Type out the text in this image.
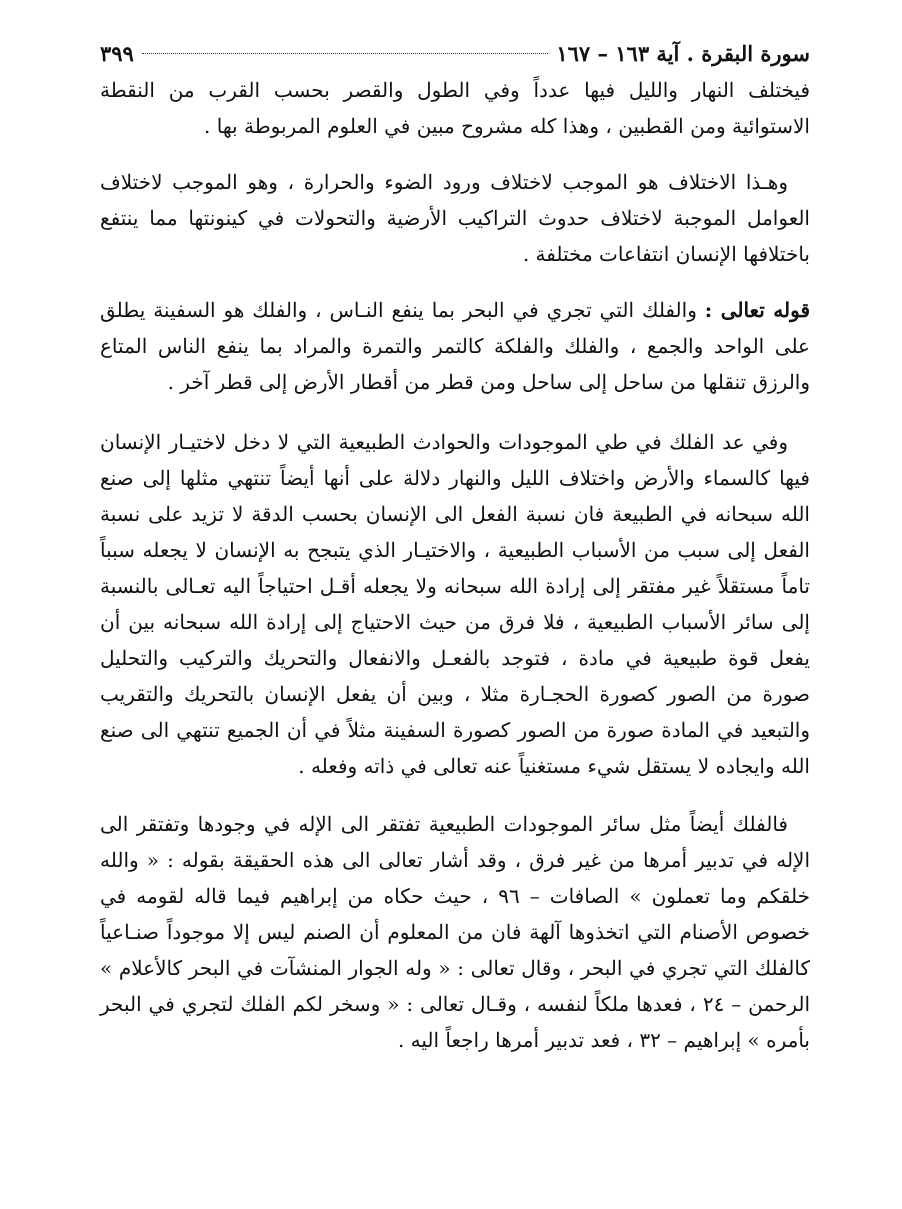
سورة البقرة . آية ١٦٣ – ١٦٧
٣٩٩

فيختلف النهار والليل فيها عدداً وفي الطول والقصر بحسب القرب من النقطة الاستوائية ومن القطبين ، وهذا كله مشروح مبين في العلوم المربوطة بها .

وهـذا الاختلاف هو الموجب لاختلاف ورود الضوء والحرارة ، وهو الموجب لاختلاف العوامل الموجبة لاختلاف حدوث التراكيب الأرضية والتحولات في كينونتها مما ينتفع باختلافها الإنسان انتفاعات مختلفة .

قوله تعالى : والفلك التي تجري في البحر بما ينفع النـاس ، والفلك هو السفينة يطلق على الواحد والجمع ، والفلك والفلكة كالتمر والتمرة والمراد بما ينفع الناس المتاع والرزق تنقلها من ساحل إلى ساحل ومن قطر من أقطار الأرض إلى قطر آخر .

وفي عد الفلك في طي الموجودات والحوادث الطبيعية التي لا دخل لاختيـار الإنسان فيها كالسماء والأرض واختلاف الليل والنهار دلالة على أنها أيضاً تنتهي مثلها إلى صنع الله سبحانه في الطبيعة فان نسبة الفعل الى الإنسان بحسب الدقة لا تزيد على نسبة الفعل إلى سبب من الأسباب الطبيعية ، والاختيـار الذي يتبجح به الإنسان لا يجعله سبباً تاماً مستقلاً غير مفتقر إلى إرادة الله سبحانه ولا يجعله أقـل احتياجاً اليه تعـالى بالنسبة إلى سائر الأسباب الطبيعية ، فلا فرق من حيث الاحتياج إلى إرادة الله سبحانه بين أن يفعل قوة طبيعية في مادة ، فتوجد بالفعـل والانفعال والتحريك والتركيب والتحليل صورة من الصور كصورة الحجـارة مثلا ، وبين أن يفعل الإنسان بالتحريك والتقريب والتبعيد في المادة صورة من الصور كصورة السفينة مثلاً في أن الجميع تنتهي الى صنع الله وايجاده لا يستقل شيء مستغنياً عنه تعالى في ذاته وفعله .

فالفلك أيضاً مثل سائر الموجودات الطبيعية تفتقر الى الإله في وجودها وتفتقر الى الإله في تدبير أمرها من غير فرق ، وقد أشار تعالى الى هذه الحقيقة بقوله : « والله خلقكم وما تعملون » الصافات – ٩٦ ، حيث حكاه من إبراهيم فيما قاله لقومه في خصوص الأصنام التي اتخذوها آلهة فان من المعلوم أن الصنم ليس إلا موجوداً صنـاعياً كالفلك التي تجري في البحر ، وقال تعالى : « وله الجوار المنشآت في البحر كالأعلام » الرحمن – ٢٤ ، فعدها ملكاً لنفسه ، وقـال تعالى : « وسخر لكم الفلك لتجري في البحر بأمره » إبراهيم – ٣٢ ، فعد تدبير أمرها راجعاً اليه .
